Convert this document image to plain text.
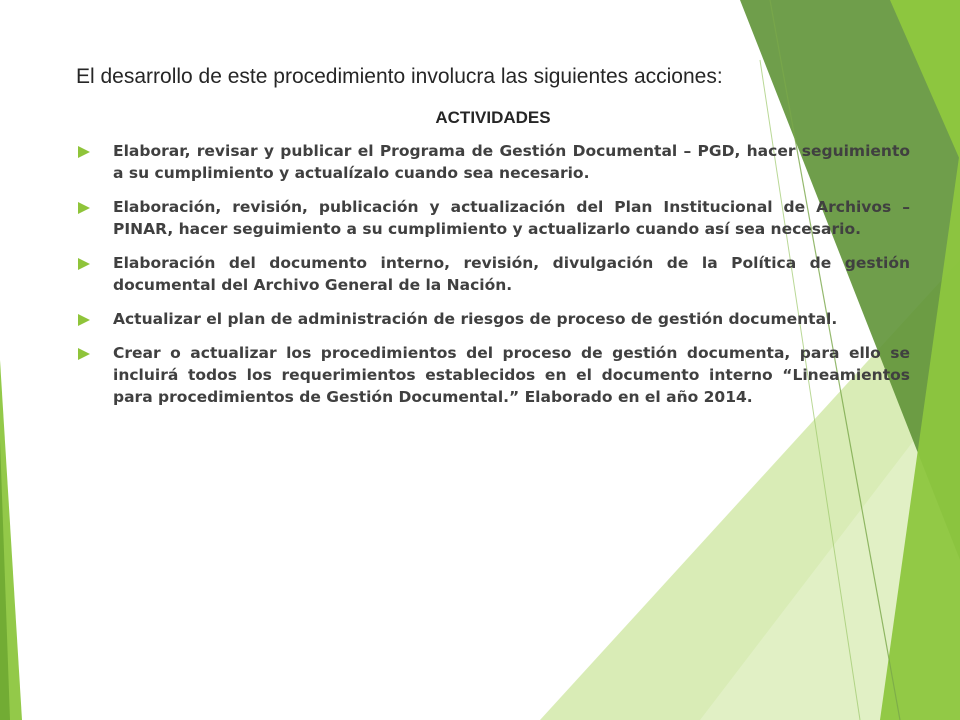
El desarrollo de este procedimiento involucra las siguientes acciones:
ACTIVIDADES

Elaborar, revisar y publicar el Programa de Gestión Documental – PGD, hacer seguimiento a su cumplimiento y actualízalo cuando sea necesario.

Elaboración, revisión, publicación y actualización del Plan Institucional de Archivos – PINAR, hacer seguimiento a su cumplimiento y actualizarlo cuando así sea necesario.

Elaboración del documento interno, revisión, divulgación de la Política de gestión documental del Archivo General de la Nación.

Actualizar el plan de administración de riesgos de proceso de gestión documental.

Crear o actualizar los procedimientos del proceso de gestión documenta, para ello se incluirá todos los requerimientos establecidos en el documento interno “Lineamientos para procedimientos de Gestión Documental.” Elaborado en el año 2014.
